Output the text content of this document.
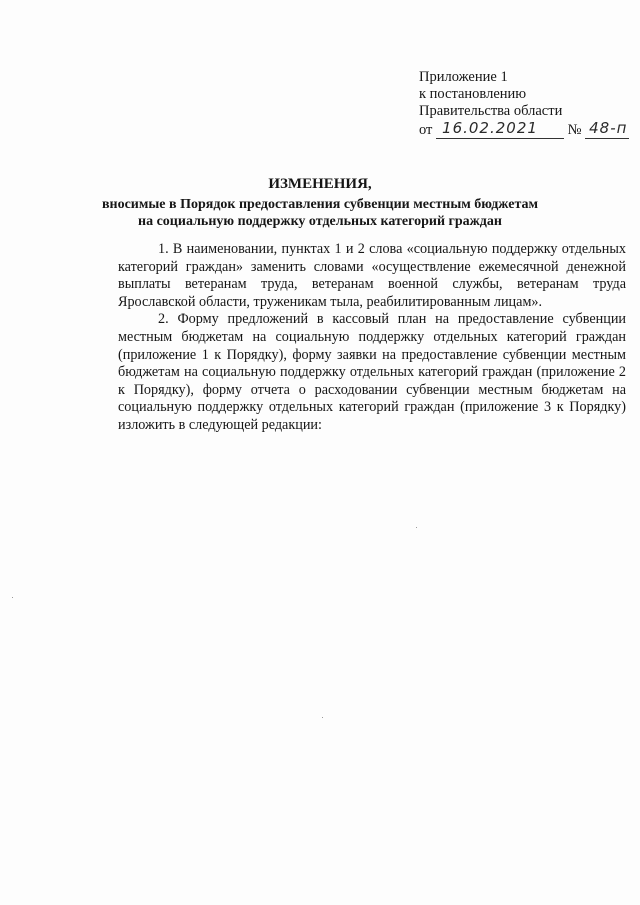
Приложение 1
к постановлению
Правительства области
от 16.02.2021 № 48-п
ИЗМЕНЕНИЯ,
вносимые в Порядок предоставления субвенции местным бюджетам
на социальную поддержку отдельных категорий граждан

1. В наименовании, пунктах 1 и 2 слова «социальную поддержку отдельных категорий граждан» заменить словами «осуществление ежемесячной денежной выплаты ветеранам труда, ветеранам военной службы, ветеранам труда Ярославской области, труженикам тыла, реабилитированным лицам».

2. Форму предложений в кассовый план на предоставление субвенции местным бюджетам на социальную поддержку отдельных категорий граждан (приложение 1 к Порядку), форму заявки на предоставление субвенции местным бюджетам на социальную поддержку отдельных категорий граждан (приложение 2 к Порядку), форму отчета о расходовании субвенции местным бюджетам на социальную поддержку отдельных категорий граждан (приложение 3 к Порядку) изложить в следующей редакции:
